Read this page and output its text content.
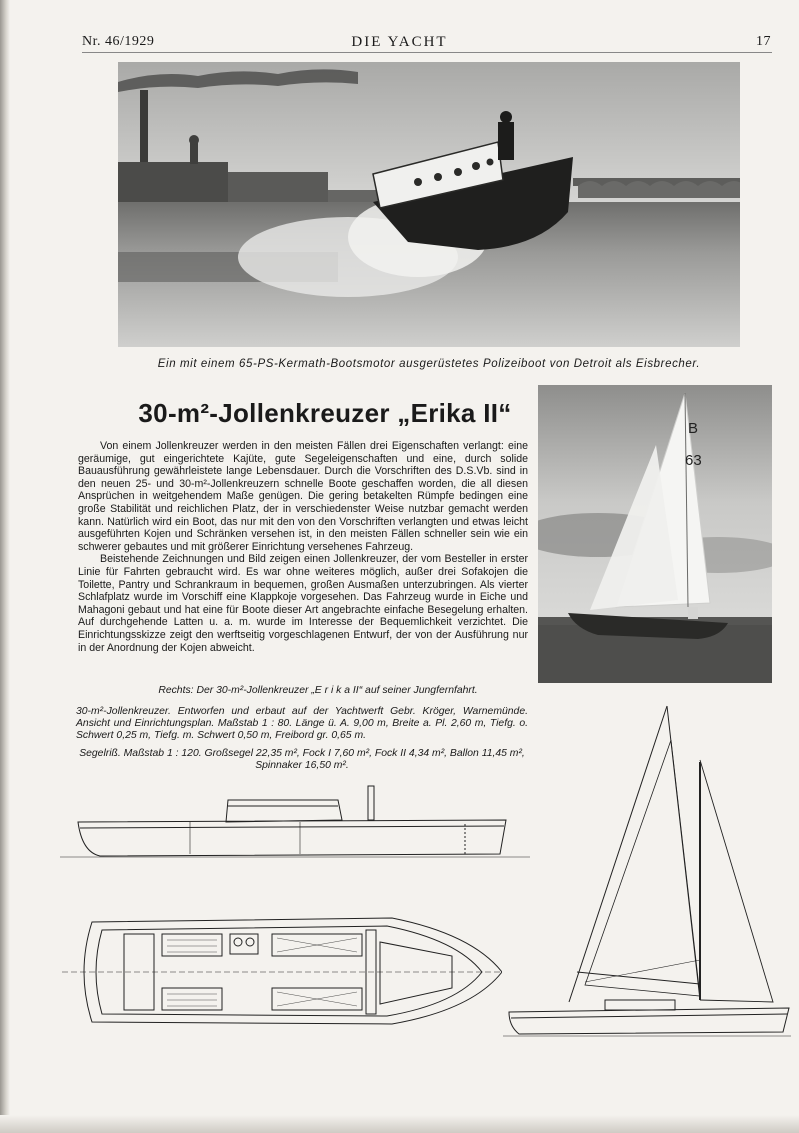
Nr. 46/1929	DIE YACHT	17
Ein mit einem 65-PS-Kermath-Bootsmotor ausgerüstetes Polizeiboot von Detroit als Eisbrecher.
B
63
30-m²-Jollenkreuzer „Erika II“

Von einem Jollenkreuzer werden in den meisten Fällen drei Eigenschaften verlangt: eine geräumige, gut eingerichtete Kajüte, gute Segeleigenschaften und eine, durch solide Bauausführung gewährleistete lange Lebensdauer. Durch die Vorschriften des D.S.Vb. sind in den neuen 25- und 30-m²-Jollenkreuzern schnelle Boote geschaffen worden, die all diesen Ansprüchen in weitgehendem Maße genügen. Die gering betakelten Rümpfe bedingen eine große Stabilität und reichlichen Platz, der in verschiedenster Weise nutzbar gemacht werden kann. Natürlich wird ein Boot, das nur mit den von den Vorschriften verlangten und etwas leicht ausgeführten Kojen und Schränken versehen ist, in den meisten Fällen schneller sein wie ein schwerer gebautes und mit größerer Einrichtung versehenes Fahrzeug.

Beistehende Zeichnungen und Bild zeigen einen Jollenkreuzer, der vom Besteller in erster Linie für Fahrten gebraucht wird. Es war ohne weiteres möglich, außer drei Sofakojen die Toilette, Pantry und Schrankraum in bequemen, großen Ausmaßen unterzubringen. Als vierter Schlafplatz wurde im Vorschiff eine Klappkoje vorgesehen. Das Fahrzeug wurde in Eiche und Mahagoni gebaut und hat eine für Boote dieser Art angebrachte einfache Besegelung erhalten. Auf durchgehende Latten u. a. m. wurde im Interesse der Bequemlichkeit verzichtet. Die Einrichtungsskizze zeigt den werftseitig vorgeschlagenen Entwurf, der von der Ausführung nur in der Anordnung der Kojen abweicht.

Rechts: Der 30-m²-Jollenkreuzer „E r i k a II“ auf seiner Jungfernfahrt.
30-m²-Jollenkreuzer. Entworfen und erbaut auf der Yachtwerft Gebr. Kröger, Warnemünde. Ansicht und Einrichtungsplan. Maßstab 1 : 80. Länge ü. A. 9,00 m, Breite a. Pl. 2,60 m, Tiefg. o. Schwert 0,25 m, Tiefg. m. Schwert 0,50 m, Freibord gr. 0,65 m.
Segelriß. Maßstab 1 : 120. Großsegel 22,35 m², Fock I 7,60 m², Fock II 4,34 m², Ballon 11,45 m², Spinnaker 16,50 m².
